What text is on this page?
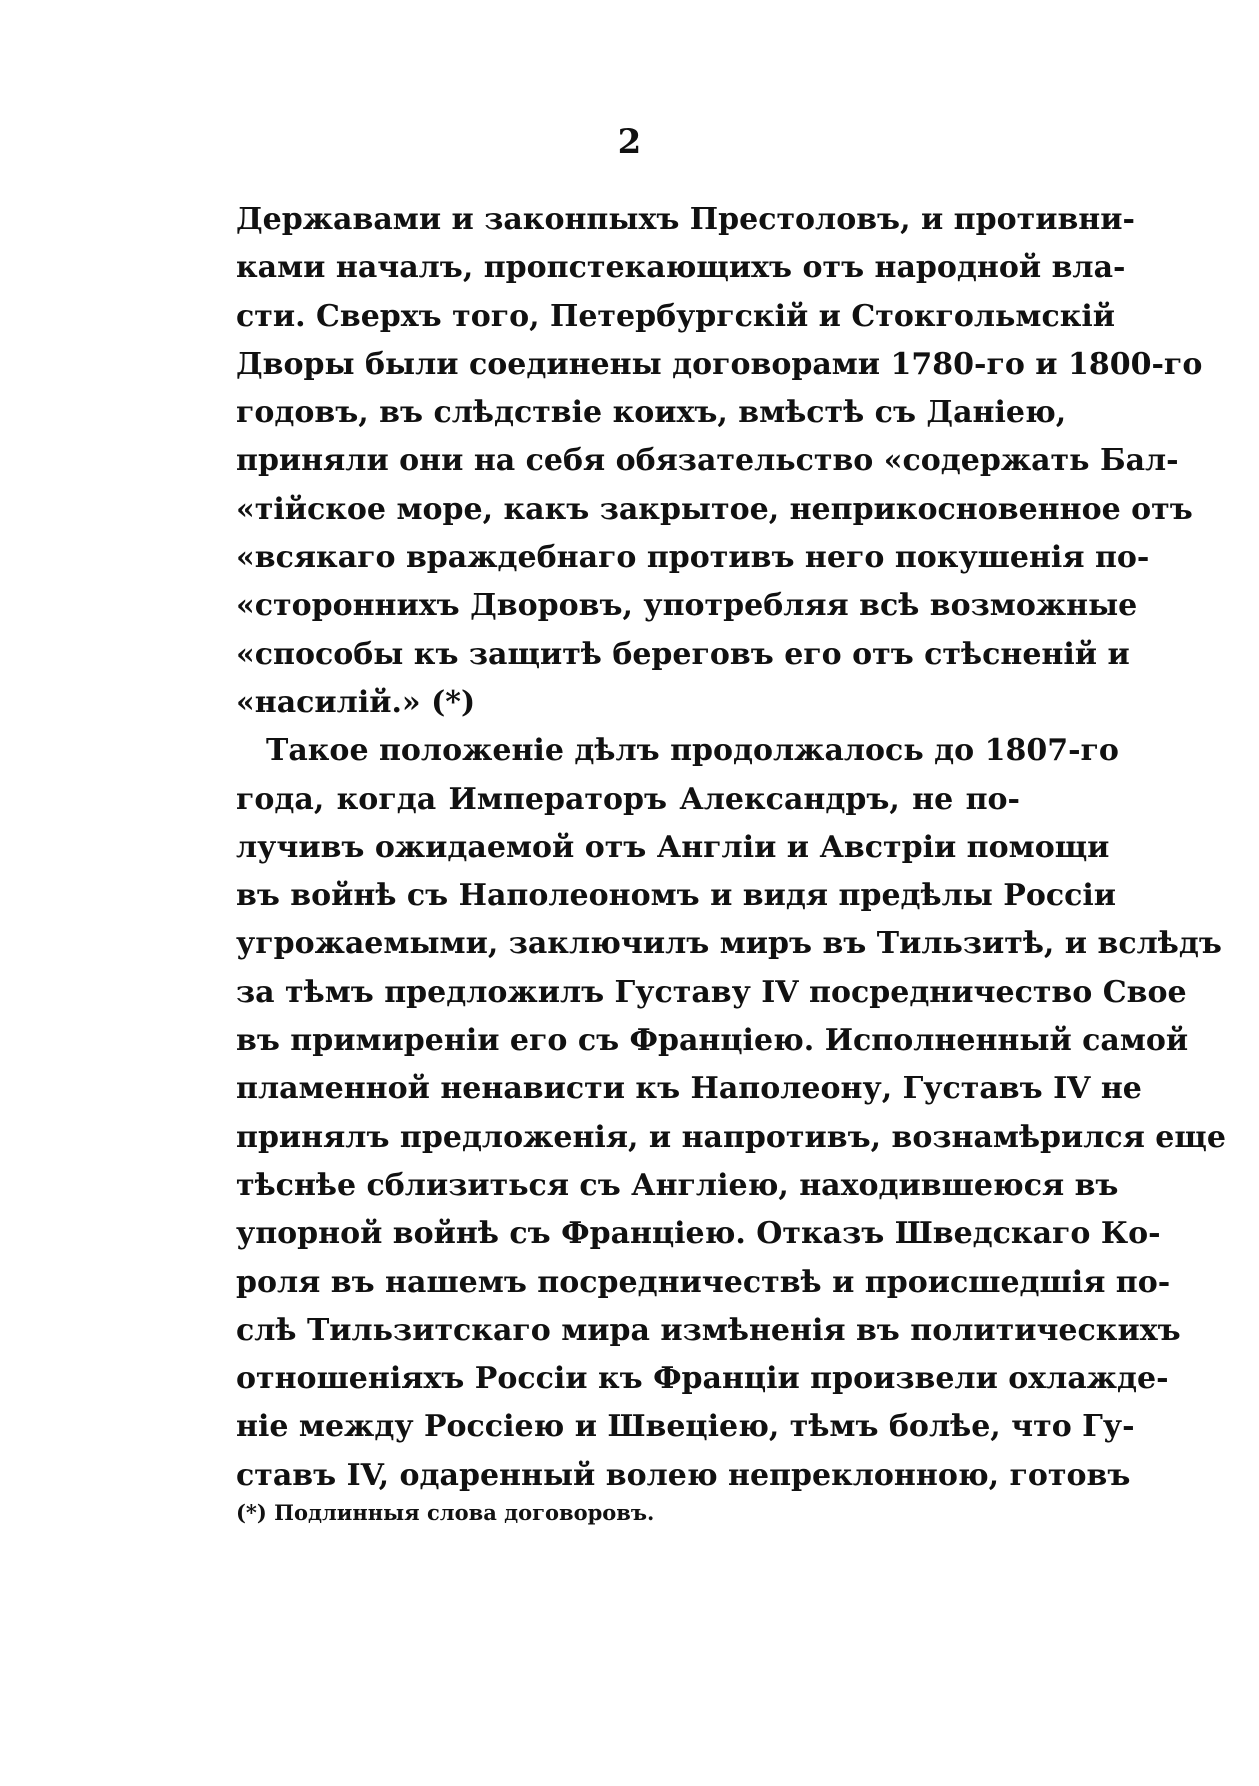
2
Державами и законпыхъ Престоловъ, и противни-
ками началъ, пропстекающихъ отъ народной вла-
сти. Сверхъ того, Петербургскій и Стокгольмскій
Дворы были соединены договорами 1780-го и 1800-го
годовъ, въ слѣдствіе коихъ, вмѣстѣ съ Даніею,
приняли они на себя обязательство «содержать Бал-
«тійское море, какъ закрытое, неприкосновенное отъ
«всякаго враждебнаго противъ него покушенія по-
«стороннихъ Дворовъ, употребляя всѣ возможные
«способы къ защитѣ береговъ его отъ стѣсненій и
«насилій.» (*)
Такое положеніе дѣлъ продолжалось до 1807-го
года, когда Императоръ Александръ, не по-
лучивъ ожидаемой отъ Англіи и Австріи помощи
въ войнѣ съ Наполеономъ и видя предѣлы Россіи
угрожаемыми, заключилъ миръ въ Тильзитѣ, и вслѣдъ
за тѣмъ предложилъ Густаву IV посредничество Свое
въ примиреніи его съ Франціею. Исполненный самой
пламенной ненависти къ Наполеону, Густавъ IV не
принялъ предложенія, и напротивъ, вознамѣрился еще
тѣснѣе сблизиться съ Англіею, находившеюся въ
упорной войнѣ съ Франціею. Отказъ Шведскаго Ко-
роля въ нашемъ посредничествѣ и происшедшія по-
слѣ Тильзитскаго мира измѣненія въ политическихъ
отношеніяхъ Россіи къ Франціи произвели охлажде-
ніе между Россіею и Швеціею, тѣмъ болѣе, что Гу-
ставъ IV, одаренный волею непреклонною, готовъ
(*) Подлинныя слова договоровъ.
